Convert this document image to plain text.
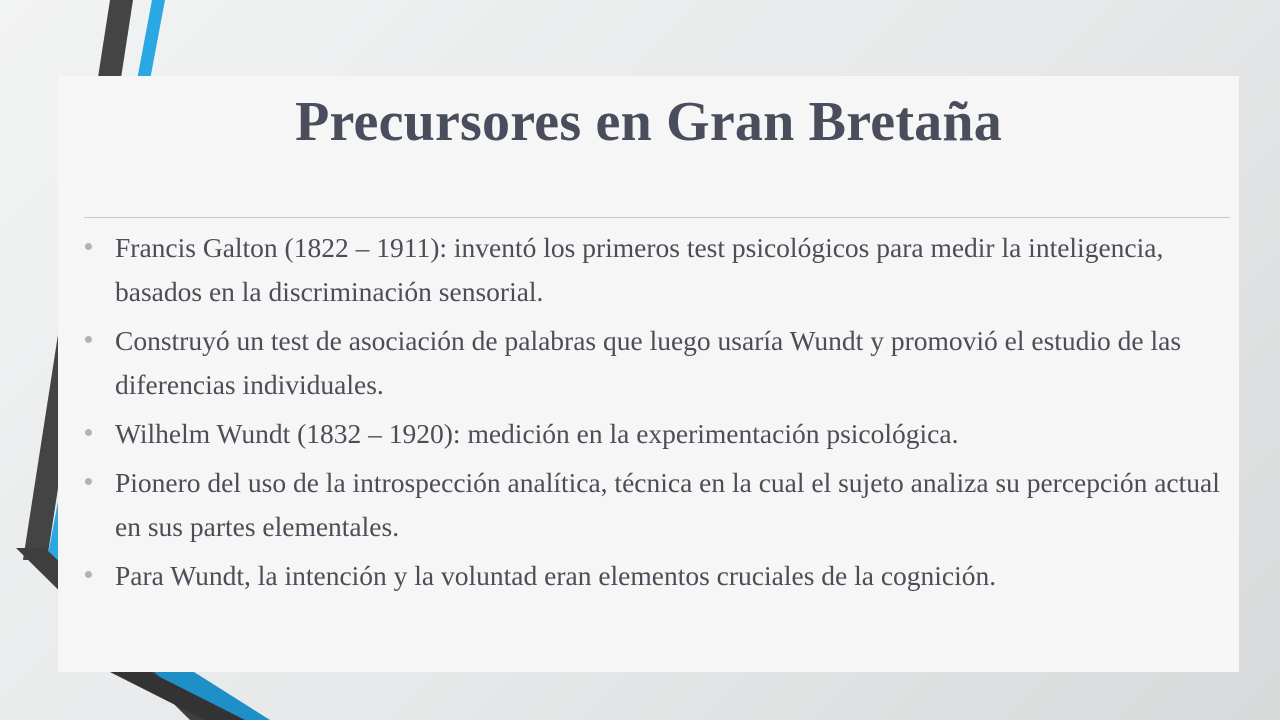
Precursores en Gran Bretaña
Francis Galton (1822 – 1911): inventó los primeros test psicológicos para medir la inteligencia, basados en la discriminación sensorial.
Construyó un test de asociación de palabras que luego usaría Wundt y promovió el estudio de las diferencias individuales.
Wilhelm Wundt (1832 – 1920): medición en la experimentación psicológica.
Pionero del uso de la introspección analítica, técnica en la cual el sujeto analiza su percepción actual en sus partes elementales.
Para Wundt, la intención y la voluntad eran elementos cruciales de la cognición.
